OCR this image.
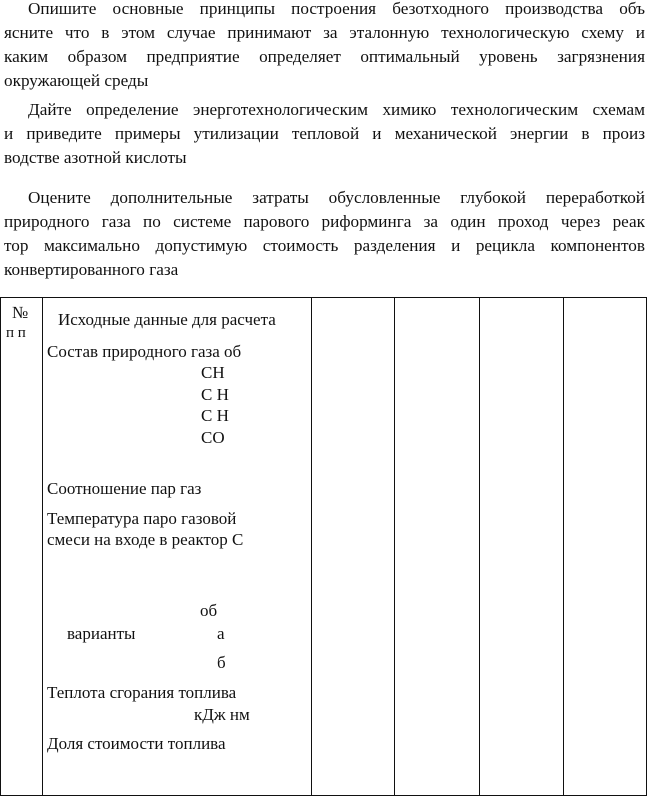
Опишите основные принципы построения безотходного производства объ
ясните что в этом случае принимают за эталонную технологическую схему и
каким образом предприятие определяет оптимальный уровень загрязнения
окружающей среды
Дайте определение энерготехнологическим химико технологическим схемам
и приведите примеры утилизации тепловой и механической энергии в произ
водстве азотной кислоты
Оцените дополнительные затраты обусловленные глубокой переработкой
природного газа по системе парового риформинга за один проход через реак
тор максимально допустимую стоимость разделения и рецикла компонентов
конвертированного газа
№
п п
Исходные данные для расчета
Состав природного газа об
СН
С Н
С Н
СО
Соотношение пар газ
Температура паро газовой
смеси на входе в реактор С
об
варианты	а
б
Теплота сгорания топлива
кДж нм
Доля стоимости топлива
